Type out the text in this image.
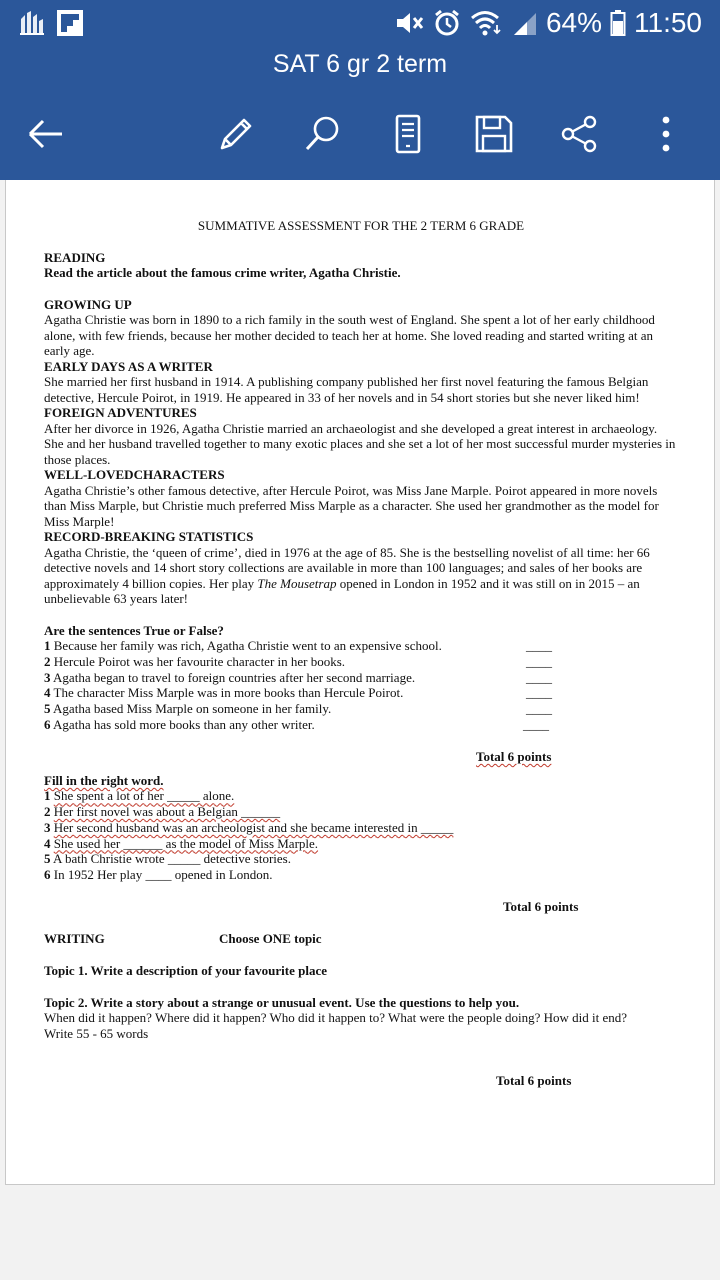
64% 11:50
SAT 6 gr 2 term

SUMMATIVE ASSESSMENT FOR THE 2 TERM 6 GRADE

READING

Read the article about the famous crime writer, Agatha Christie.

GROWING UP

Agatha Christie was born in 1890 to a rich family in the south west of England. She spent a lot of her early childhood alone, with few friends, because her mother decided to teach her at home. She loved reading and started writing at an early age.

EARLY DAYS AS A WRITER

She married her first husband in 1914. A publishing company published her first novel featuring the famous Belgian detective, Hercule Poirot, in 1919. He appeared in 33 of her novels and in 54 short stories but she never liked him!

FOREIGN ADVENTURES

After her divorce in 1926, Agatha Christie married an archaeologist and she developed a great interest in archaeology. She and her husband travelled together to many exotic places and she set a lot of her most successful murder mysteries in those places.

WELL-LOVEDCHARACTERS

Agatha Christie’s other famous detective, after Hercule Poirot, was Miss Jane Marple. Poirot appeared in more novels than Miss Marple, but Christie much preferred Miss Marple as a character. She used her grandmother as the model for Miss Marple!

RECORD-BREAKING STATISTICS

Agatha Christie, the ‘queen of crime’, died in 1976 at the age of 85. She is the bestselling novelist of all time: her 66 detective novels and 14 short story collections are available in more than 100 languages; and sales of her books are approximately 4 billion copies. Her play The Mousetrap opened in London in 1952 and it was still on in 2015 – an unbelievable 63 years later!

Are the sentences True or False?

1 Because her family was rich, Agatha Christie went to an expensive school.	____
2 Hercule Poirot was her favourite character in her books.	____
3 Agatha began to travel to foreign countries after her second marriage.	____
4 The character Miss Marple was in more books than Hercule Poirot.	____
5 Agatha based Miss Marple on someone in her family.	____
6 Agatha has sold more books than any other writer.	____
Total 6 points

Fill in the right word.

1 She spent a lot of her _____ alone.
2 Her first novel was about a Belgian ______
3 Her second husband was an archeologist and she became interested in _____
4 She used her ______ as the model of Miss Marple.
5 A bath Christie wrote _____ detective stories.
6 In 1952 Her play ____ opened in London.
Total 6 points
WRITING	Choose ONE topic

Topic 1. Write a description of your favourite place

Topic 2. Write a story about a strange or unusual event. Use the questions to help you.

When did it happen? Where did it happen? Who did it happen to? What were the people doing? How did it end?

Write 55 - 65 words

Total 6 points
